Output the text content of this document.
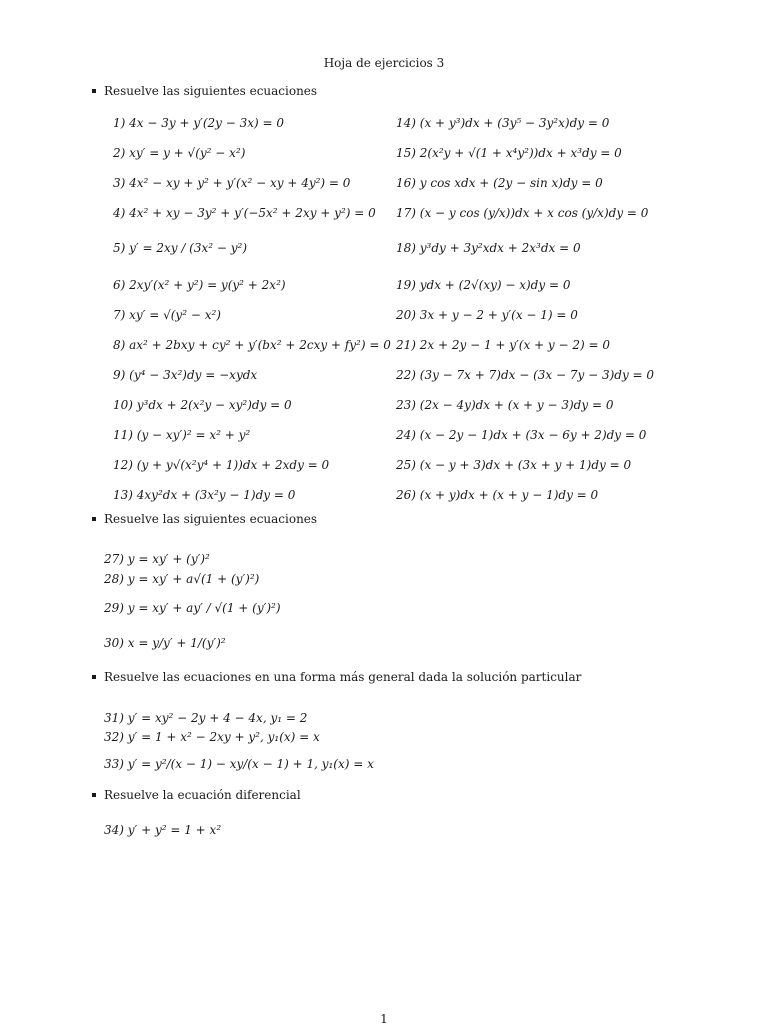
Hoja de ejercicios 3
Resuelve las siguientes ecuaciones
1) 4x − 3y + y′(2y − 3x) = 0
2) xy′ = y + √(y² − x²)
3) 4x² − xy + y² + y′(x² − xy + 4y²) = 0
4) 4x² + xy − 3y² + y′(−5x² + 2xy + y²) = 0
5) y′ = 2xy / (3x² − y²)
6) 2xy′(x² + y²) = y(y² + 2x²)
7) xy′ = √(y² − x²)
8) ax² + 2bxy + cy² + y′(bx² + 2cxy + fy²) = 0
9) (y⁴ − 3x²)dy = −xydx
10) y³dx + 2(x²y − xy²)dy = 0
11) (y − xy′)² = x² + y²
12) (y + y√(x²y⁴ + 1))dx + 2xdy = 0
13) 4xy²dx + (3x²y − 1)dy = 0
14) (x + y³)dx + (3y⁵ − 3y²x)dy = 0
15) 2(x²y + √(1 + x⁴y²))dx + x³dy = 0
16) y cos xdx + (2y − sin x)dy = 0
17) (x − y cos (y/x))dx + x cos (y/x)dy = 0
18) y³dy + 3y²xdx + 2x³dx = 0
19) ydx + (2√(xy) − x)dy = 0
20) 3x + y − 2 + y′(x − 1) = 0
21) 2x + 2y − 1 + y′(x + y − 2) = 0
22) (3y − 7x + 7)dx − (3x − 7y − 3)dy = 0
23) (2x − 4y)dx + (x + y − 3)dy = 0
24) (x − 2y − 1)dx + (3x − 6y + 2)dy = 0
25) (x − y + 3)dx + (3x + y + 1)dy = 0
26) (x + y)dx + (x + y − 1)dy = 0
Resuelve las siguientes ecuaciones
27) y = xy′ + (y′)²
28) y = xy′ + a√(1 + (y′)²)
29) y = xy′ + ay′ / √(1 + (y′)²)
30) x = y/y′ + 1/(y′)²
Resuelve las ecuaciones en una forma más general dada la solución particular
31) y′ = xy² − 2y + 4 − 4x, y₁ = 2
32) y′ = 1 + x² − 2xy + y², y₁(x) = x
33) y′ = y²/(x − 1) − xy/(x − 1) + 1, y₁(x) = x
Resuelve la ecuación diferencial
34) y′ + y² = 1 + x²
1
